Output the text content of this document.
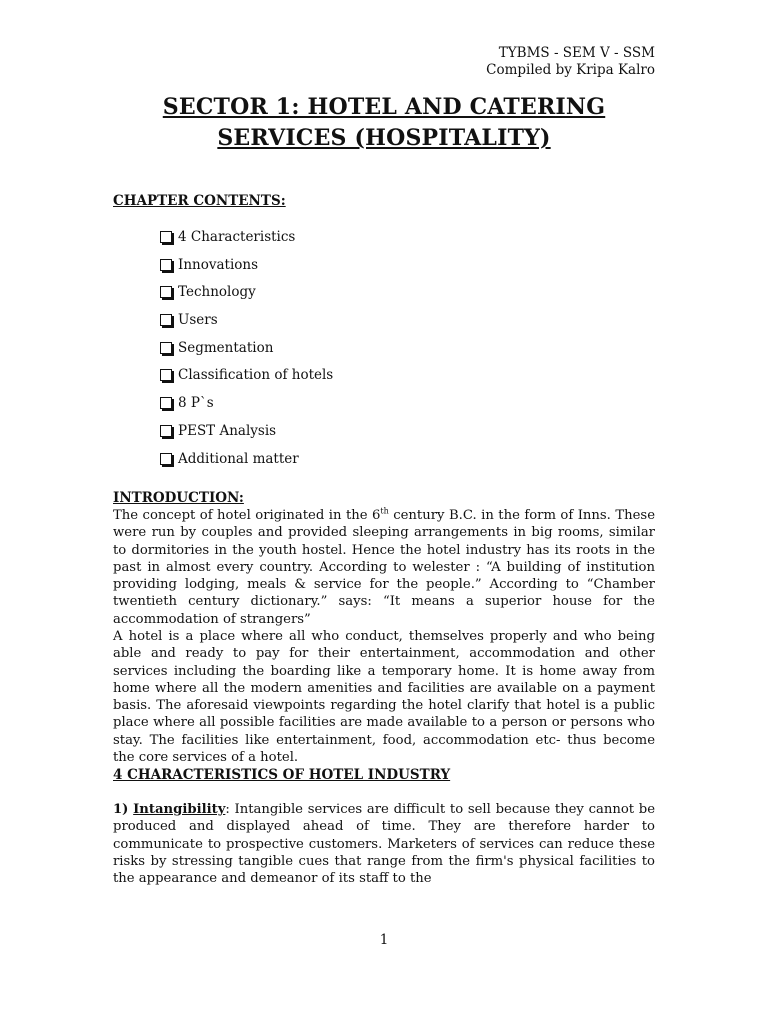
TYBMS - SEM V - SSM
Compiled by Kripa Kalro
SECTOR 1: HOTEL AND CATERING
SERVICES (HOSPITALITY)
CHAPTER CONTENTS:
4 Characteristics
Innovations
Technology
Users
Segmentation
Classification of hotels
8 P`s
PEST Analysis
Additional matter
INTRODUCTION:

The concept of hotel originated in the 6th century B.C. in the form of Inns. These were run by couples and provided sleeping arrangements in big rooms, similar to dormitories in the youth hostel. Hence the hotel industry has its roots in the past in almost every country. According to welester : “A building of institution providing lodging, meals & service for the people.” According to “Chamber twentieth century dictionary.” says: “It means a superior house for the accommodation of strangers”

A hotel is a place where all who conduct, themselves properly and who being able and ready to pay for their entertainment, accommodation and other services including the boarding like a temporary home. It is home away from home where all the modern amenities and facilities are available on a payment basis. The aforesaid viewpoints regarding the hotel clarify that hotel is a public place where all possible facilities are made available to a person or persons who stay. The facilities like entertainment, food, accommodation etc- thus become the core services of a hotel.

4 CHARACTERISTICS OF HOTEL INDUSTRY

1) Intangibility: Intangible services are difficult to sell because they cannot be produced and displayed ahead of time. They are therefore harder to communicate to prospective customers. Marketers of services can reduce these risks by stressing tangible cues that range from the firm's physical facilities to the appearance and demeanor of its staff to the

1
